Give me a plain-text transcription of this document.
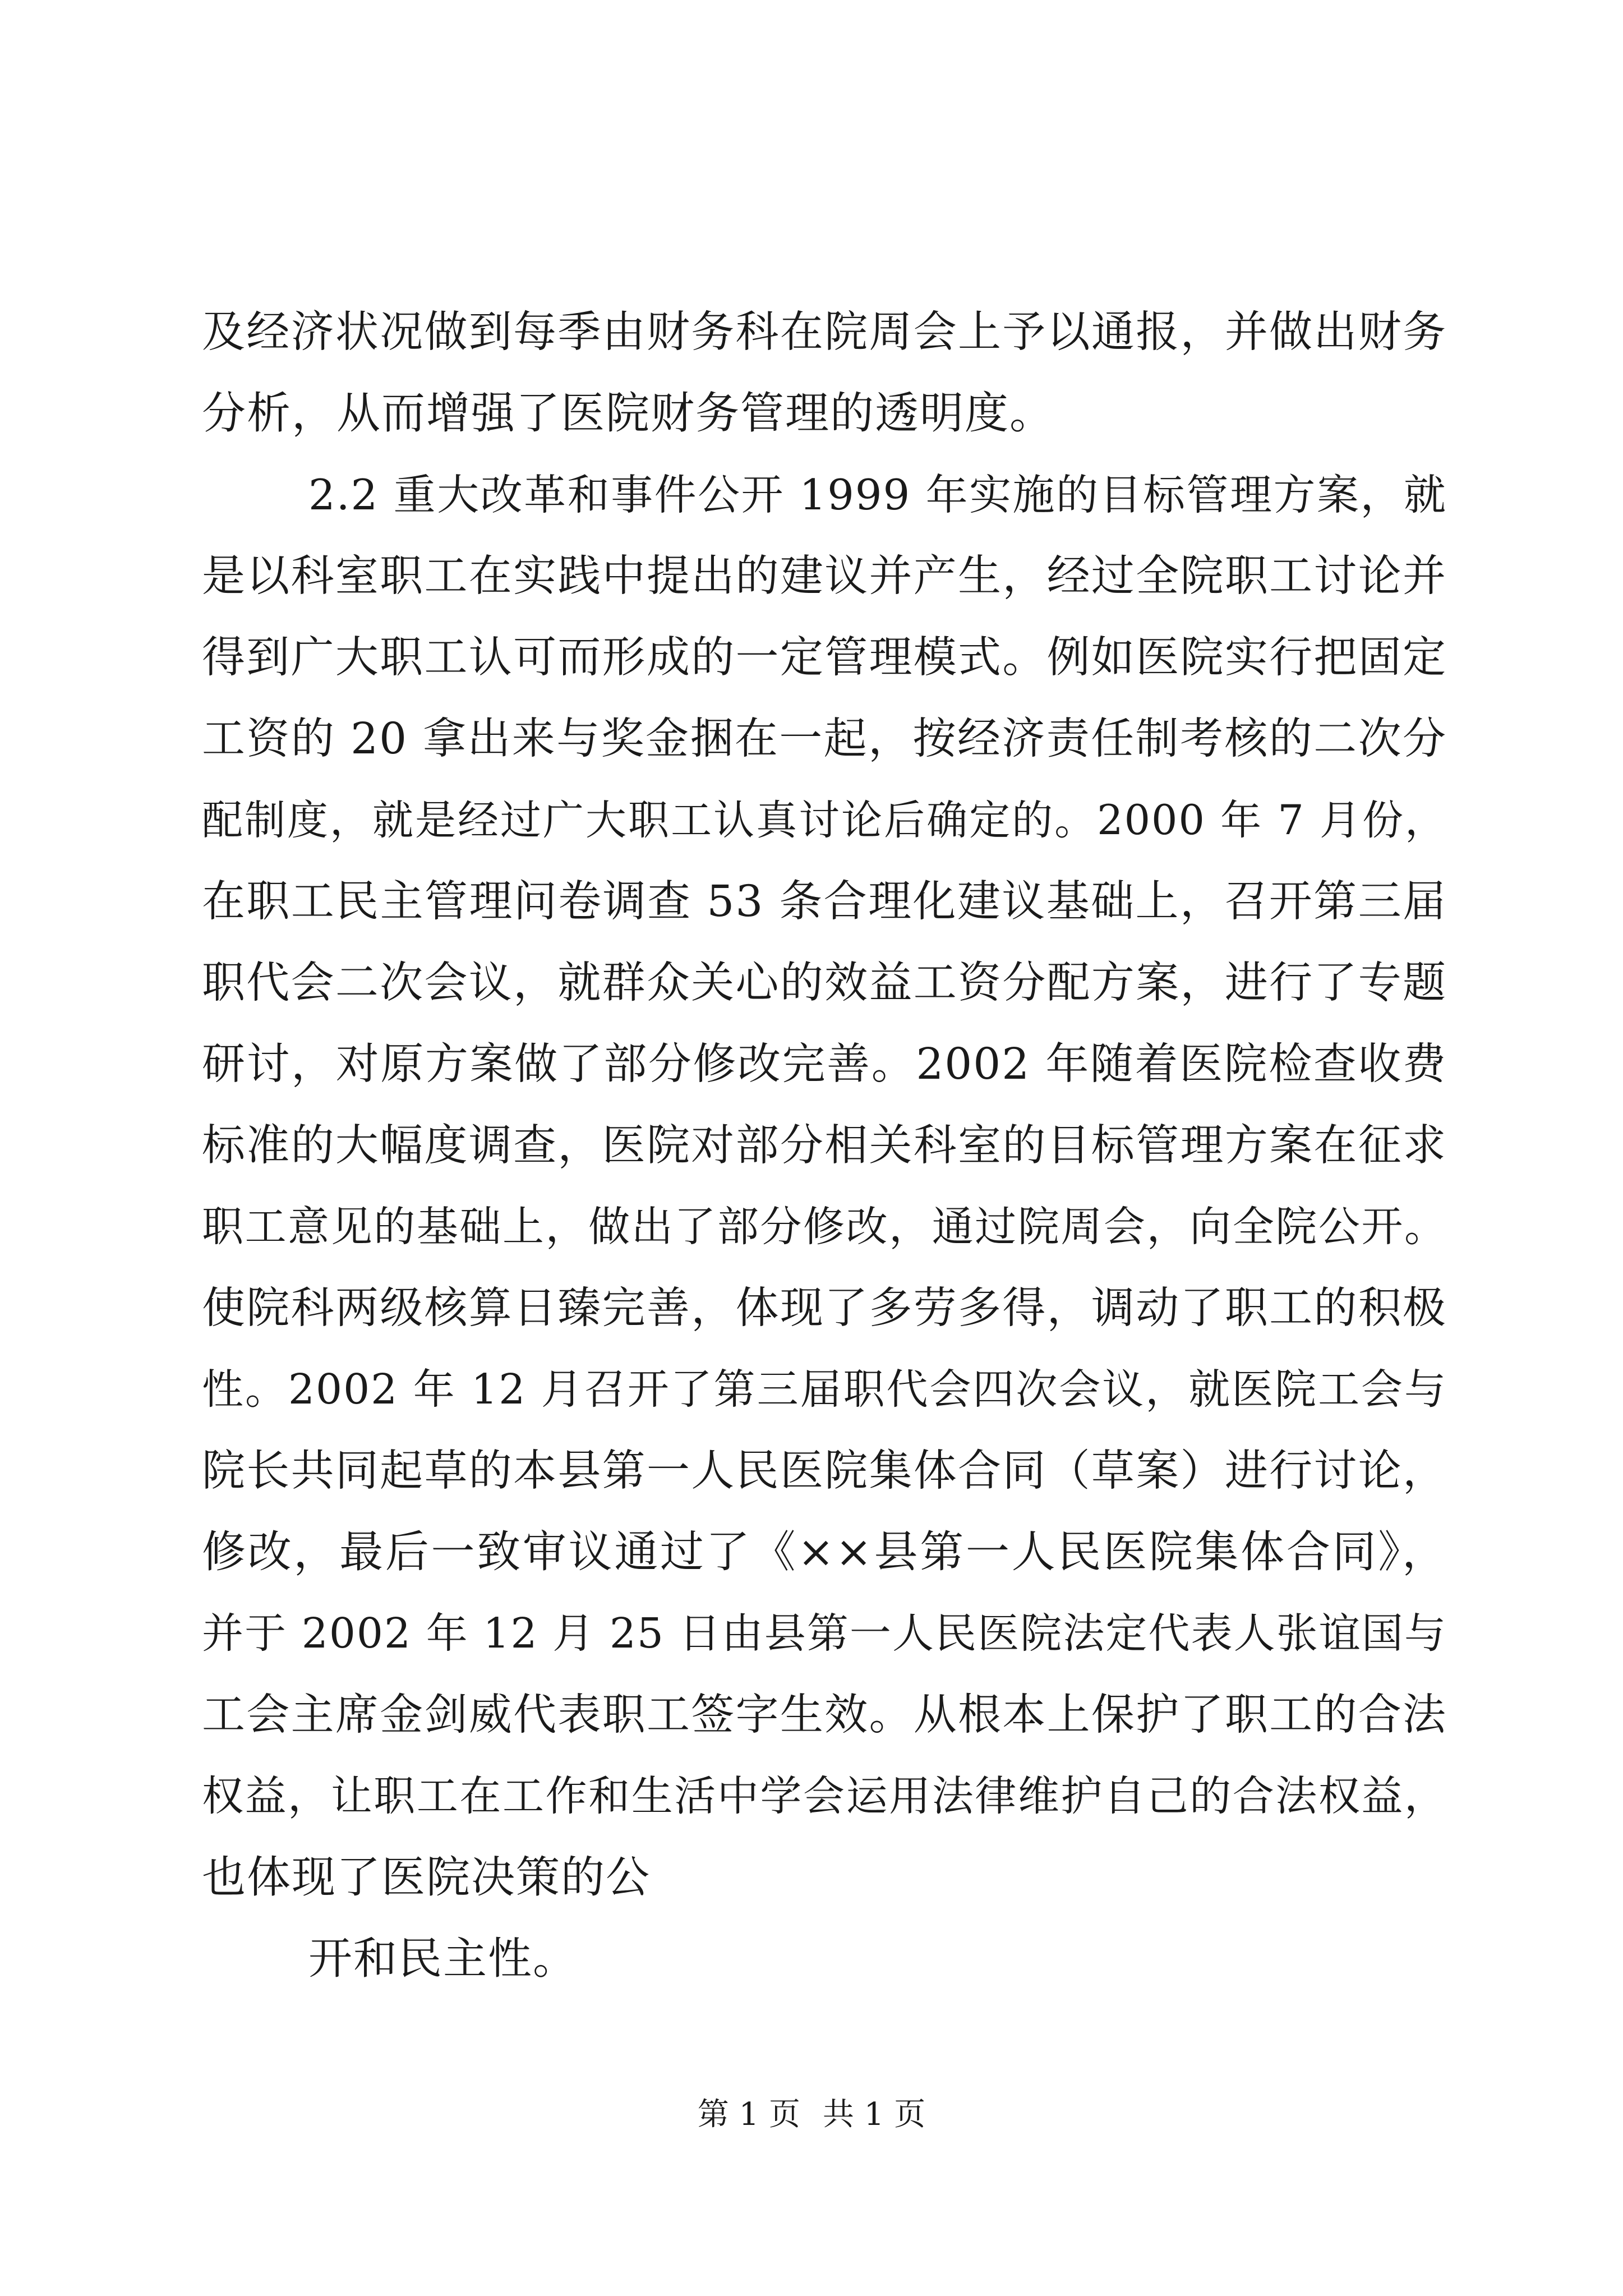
及经济状况做到每季由财务科在院周会上予以通报，并做出财务
分析，从而增强了医院财务管理的透明度。
2.2 重大改革和事件公开 1999 年实施的目标管理方案，就
是以科室职工在实践中提出的建议并产生，经过全院职工讨论并
得到广大职工认可而形成的一定管理模式。例如医院实行把固定
工资的 20 拿出来与奖金捆在一起，按经济责任制考核的二次分
配制度，就是经过广大职工认真讨论后确定的。2000 年 7 月份，
在职工民主管理问卷调查 53 条合理化建议基础上，召开第三届
职代会二次会议，就群众关心的效益工资分配方案，进行了专题
研讨，对原方案做了部分修改完善。2002 年随着医院检查收费
标准的大幅度调查，医院对部分相关科室的目标管理方案在征求
职工意见的基础上，做出了部分修改，通过院周会，向全院公开。
使院科两级核算日臻完善，体现了多劳多得，调动了职工的积极
性。2002 年 12 月召开了第三届职代会四次会议，就医院工会与
院长共同起草的本县第一人民医院集体合同（草案）进行讨论，
修改，最后一致审议通过了《××县第一人民医院集体合同》，
并于 2002 年 12 月 25 日由县第一人民医院法定代表人张谊国与
工会主席金剑威代表职工签字生效。从根本上保护了职工的合法
权益，让职工在工作和生活中学会运用法律维护自己的合法权益，
也体现了医院决策的公
开和民主性。
第 1 页 共 1 页
